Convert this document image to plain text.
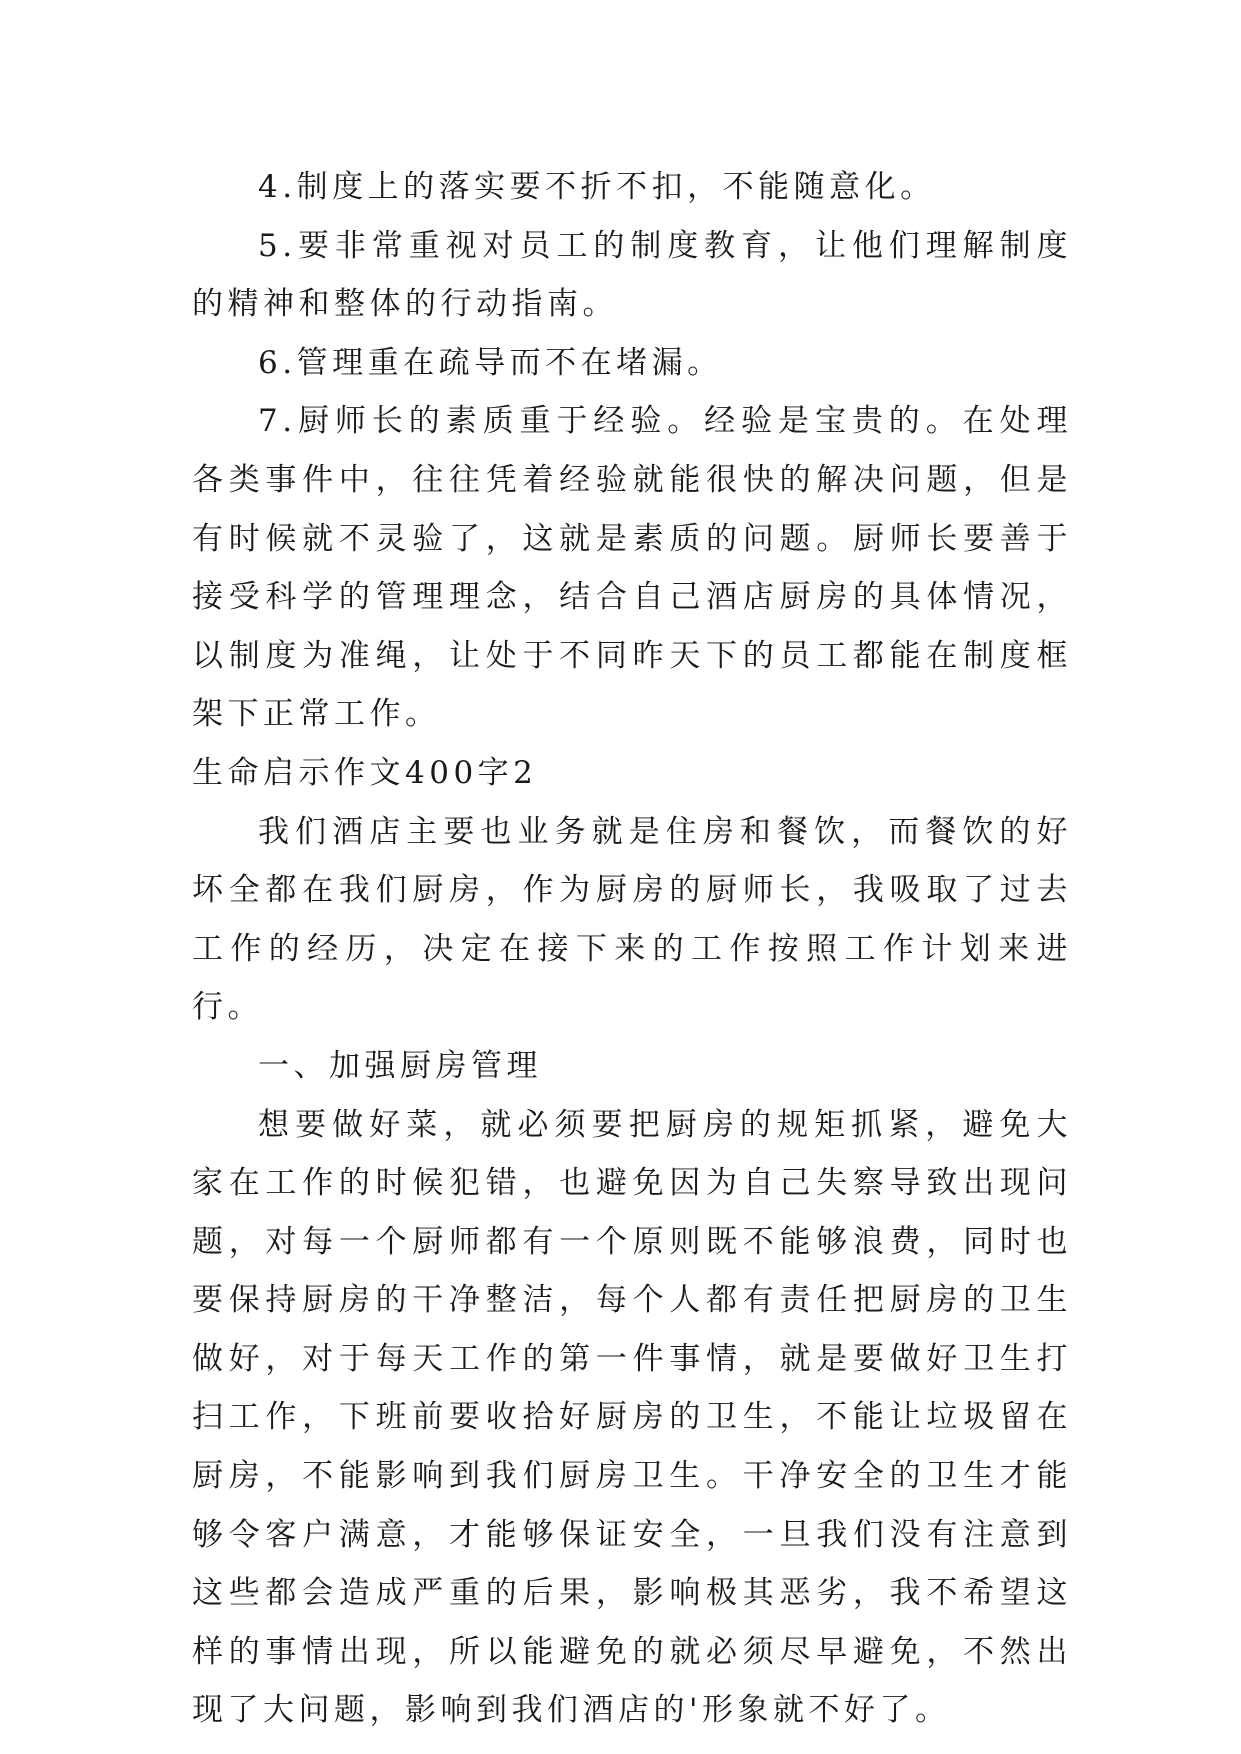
4.制度上的落实要不折不扣，不能随意化。

5.要非常重视对员工的制度教育，让他们理解制度的精神和整体的行动指南。

6.管理重在疏导而不在堵漏。

7.厨师长的素质重于经验。经验是宝贵的。在处理各类事件中，往往凭着经验就能很快的解决问题，但是有时候就不灵验了，这就是素质的问题。厨师长要善于接受科学的管理理念，结合自己酒店厨房的具体情况，以制度为准绳，让处于不同昨天下的员工都能在制度框架下正常工作。

生命启示作文400字2

我们酒店主要也业务就是住房和餐饮，而餐饮的好坏全都在我们厨房，作为厨房的厨师长，我吸取了过去工作的经历，决定在接下来的工作按照工作计划来进行。

一、加强厨房管理

想要做好菜，就必须要把厨房的规矩抓紧，避免大家在工作的时候犯错，也避免因为自己失察导致出现问题，对每一个厨师都有一个原则既不能够浪费，同时也要保持厨房的干净整洁，每个人都有责任把厨房的卫生做好，对于每天工作的第一件事情，就是要做好卫生打扫工作，下班前要收拾好厨房的卫生，不能让垃圾留在厨房，不能影响到我们厨房卫生。干净安全的卫生才能够令客户满意，才能够保证安全，一旦我们没有注意到这些都会造成严重的后果，影响极其恶劣，我不希望这样的事情出现，所以能避免的就必须尽早避免，不然出现了大问题，影响到我们酒店的'形象就不好了。
